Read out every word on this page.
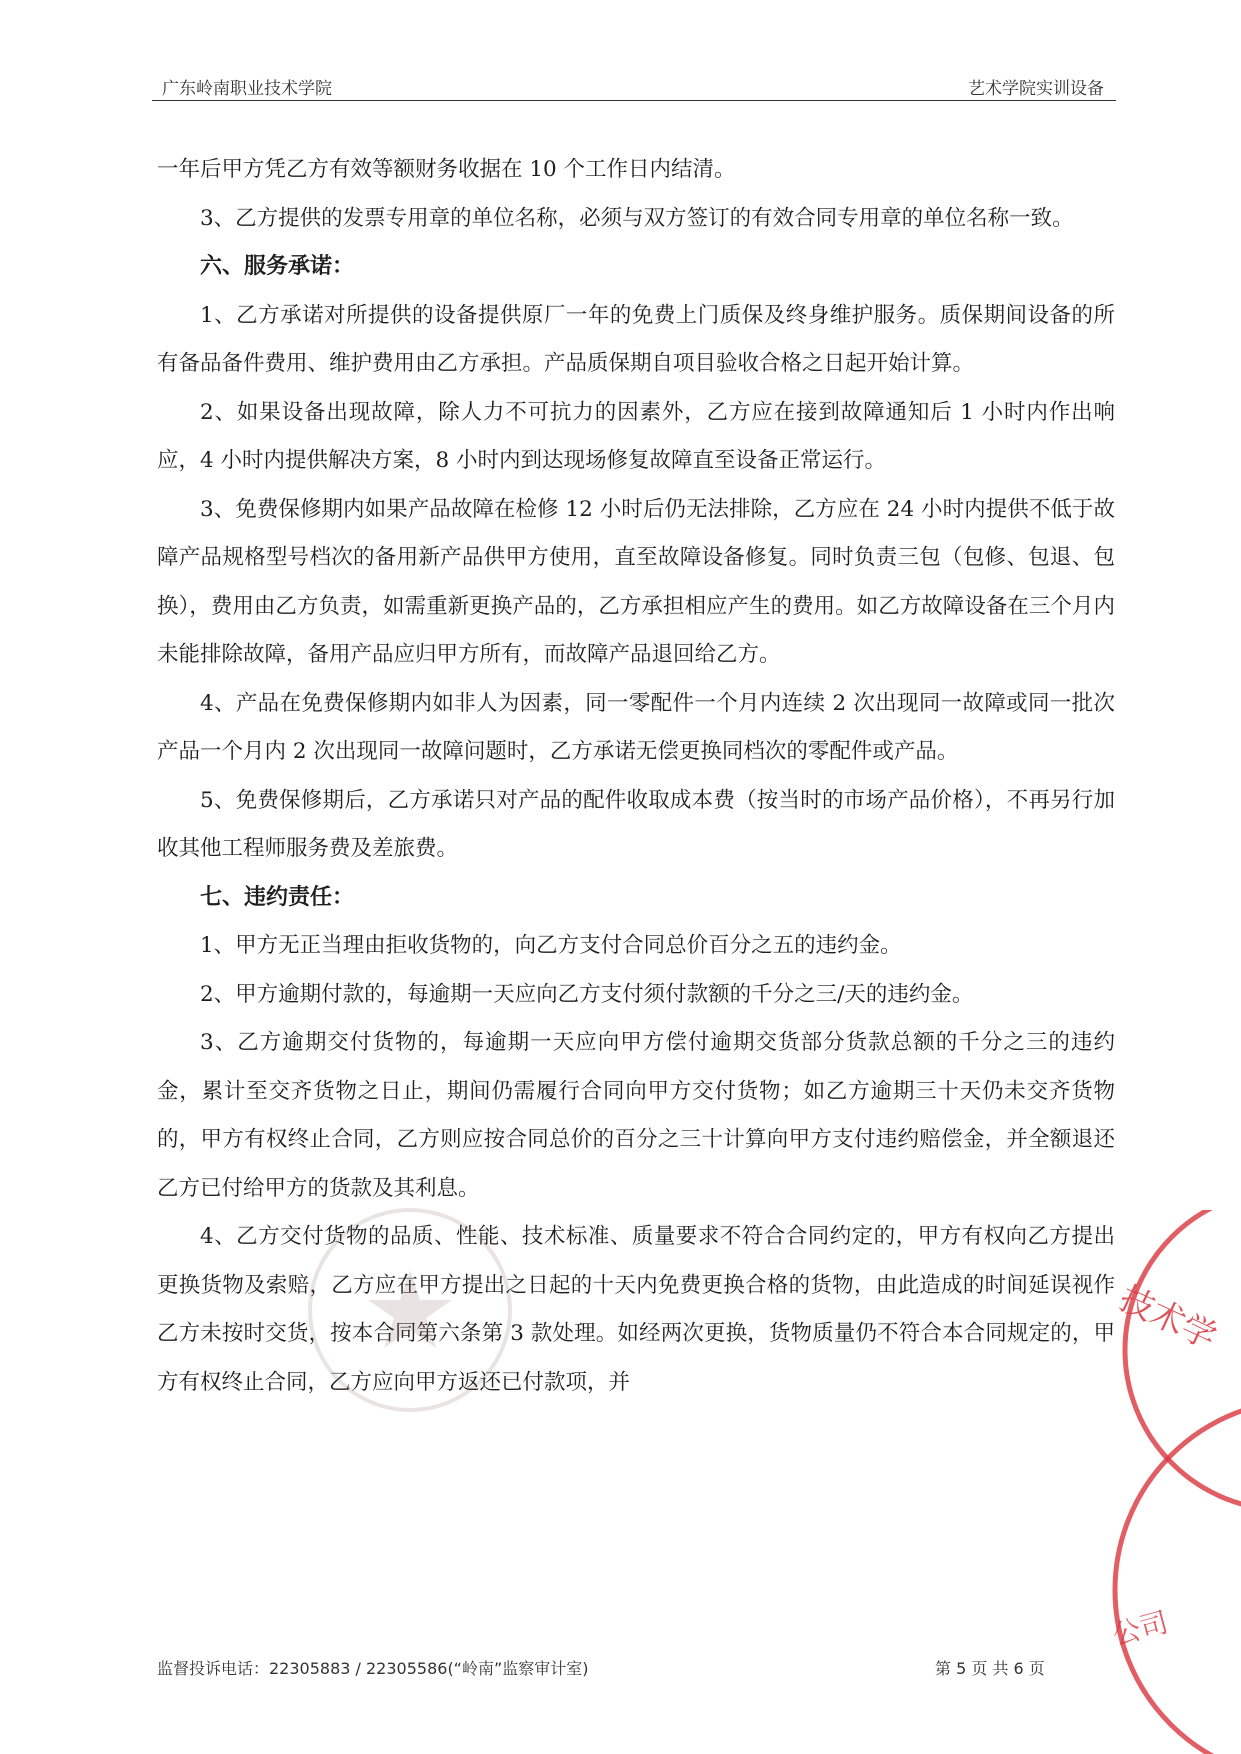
广东岭南职业技术学院	艺术学院实训设备

一年后甲方凭乙方有效等额财务收据在 10 个工作日内结清。

3、乙方提供的发票专用章的单位名称，必须与双方签订的有效合同专用章的单位名称一致。

六、服务承诺：

1、乙方承诺对所提供的设备提供原厂一年的免费上门质保及终身维护服务。质保期间设备的所有备品备件费用、维护费用由乙方承担。产品质保期自项目验收合格之日起开始计算。

2、如果设备出现故障，除人力不可抗力的因素外，乙方应在接到故障通知后 1 小时内作出响应，4 小时内提供解决方案，8 小时内到达现场修复故障直至设备正常运行。

3、免费保修期内如果产品故障在检修 12 小时后仍无法排除，乙方应在 24 小时内提供不低于故障产品规格型号档次的备用新产品供甲方使用，直至故障设备修复。同时负责三包（包修、包退、包换），费用由乙方负责，如需重新更换产品的，乙方承担相应产生的费用。如乙方故障设备在三个月内未能排除故障，备用产品应归甲方所有，而故障产品退回给乙方。

4、产品在免费保修期内如非人为因素，同一零配件一个月内连续 2 次出现同一故障或同一批次产品一个月内 2 次出现同一故障问题时，乙方承诺无偿更换同档次的零配件或产品。

5、免费保修期后，乙方承诺只对产品的配件收取成本费（按当时的市场产品价格），不再另行加收其他工程师服务费及差旅费。

七、违约责任：

1、甲方无正当理由拒收货物的，向乙方支付合同总价百分之五的违约金。

2、甲方逾期付款的，每逾期一天应向乙方支付须付款额的千分之三/天的违约金。

3、乙方逾期交付货物的，每逾期一天应向甲方偿付逾期交货部分货款总额的千分之三的违约金，累计至交齐货物之日止，期间仍需履行合同向甲方交付货物；如乙方逾期三十天仍未交齐货物的，甲方有权终止合同，乙方则应按合同总价的百分之三十计算向甲方支付违约赔偿金，并全额退还乙方已付给甲方的货款及其利息。

4、乙方交付货物的品质、性能、技术标准、质量要求不符合合同约定的，甲方有权向乙方提出更换货物及索赔，乙方应在甲方提出之日起的十天内免费更换合格的货物，由此造成的时间延误视作乙方未按时交货，按本合同第六条第 3 款处理。如经两次更换，货物质量仍不符合本合同规定的，甲方有权终止合同，乙方应向甲方返还已付款项，并

监督投诉电话：22305883 / 22305586(“岭南”监察审计室)	第 5 页 共 6 页
技术学
公司
